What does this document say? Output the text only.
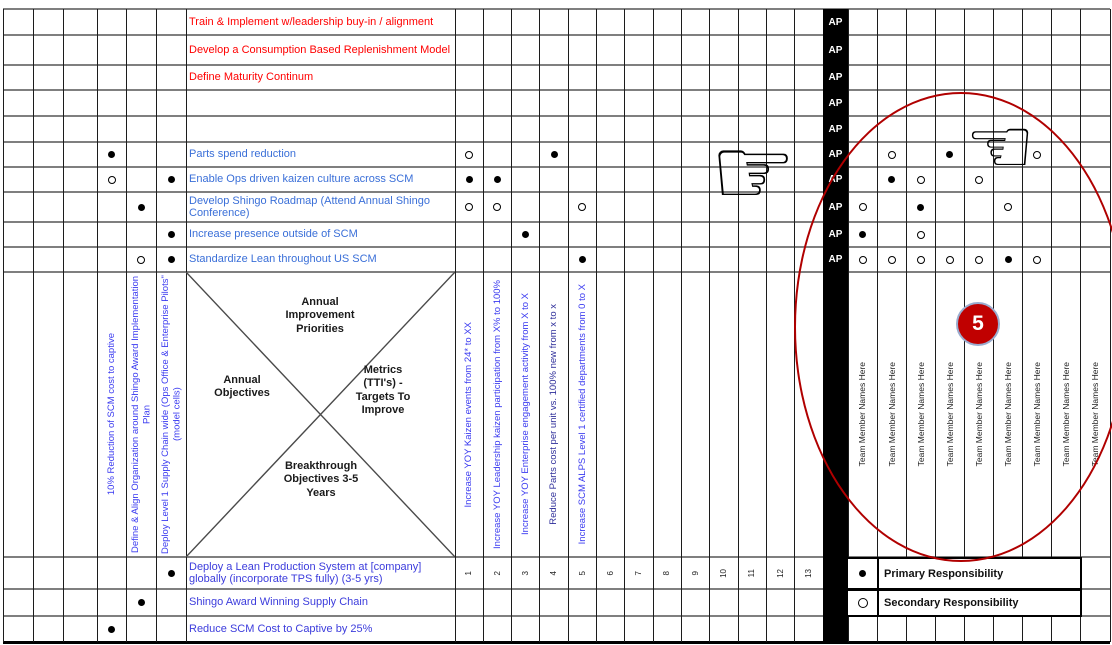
AP
AP
AP
AP
AP
AP
AP
AP
AP
AP
Train & Implement w/leadership buy-in / alignment
Develop a Consumption Based Replenishment Model
Define Maturity Continum
Parts spend reduction
Enable Ops driven kaizen culture across SCM
Develop Shingo Roadmap (Attend Annual Shingo Conference)
Increase presence outside of SCM
Standardize Lean throughout US SCM
Deploy a Lean Production System at [company] globally (incorporate TPS fully) (3-5 yrs)
Shingo Award Winning Supply Chain
Reduce SCM Cost to Captive by 25%
10% Reduction of SCM cost to captive Define & Align Organization around Shingo Award Implementation Plan Deploy Level 1 Supply Chain wide (Ops Office & Enterprise Pilots" (model cells)	Increase YOY Kaizen events from 24* to XX Increase YOY Leadership kaizen participation from X% to 100% Increase YOY Enterprise engagement activity from X to X Reduce Parts cost per unit vs. 100% new from x to x Increase SCM ALPS Level 1 certified departments from 0 to X	Team Member Names Here Team Member Names Here Team Member Names Here Team Member Names Here Team Member Names Here Team Member Names Here Team Member Names Here Team Member Names Here Team Member Names Here
1 2 3 4 5 6 7 8 9 10 11 12 13
Annual Improvement Priorities
Annual Objectives
Metrics (TTI's) - Targets To Improve
Breakthrough Objectives 3-5 Years
Primary Responsibility
Secondary Responsibility
☞ ☜
5
